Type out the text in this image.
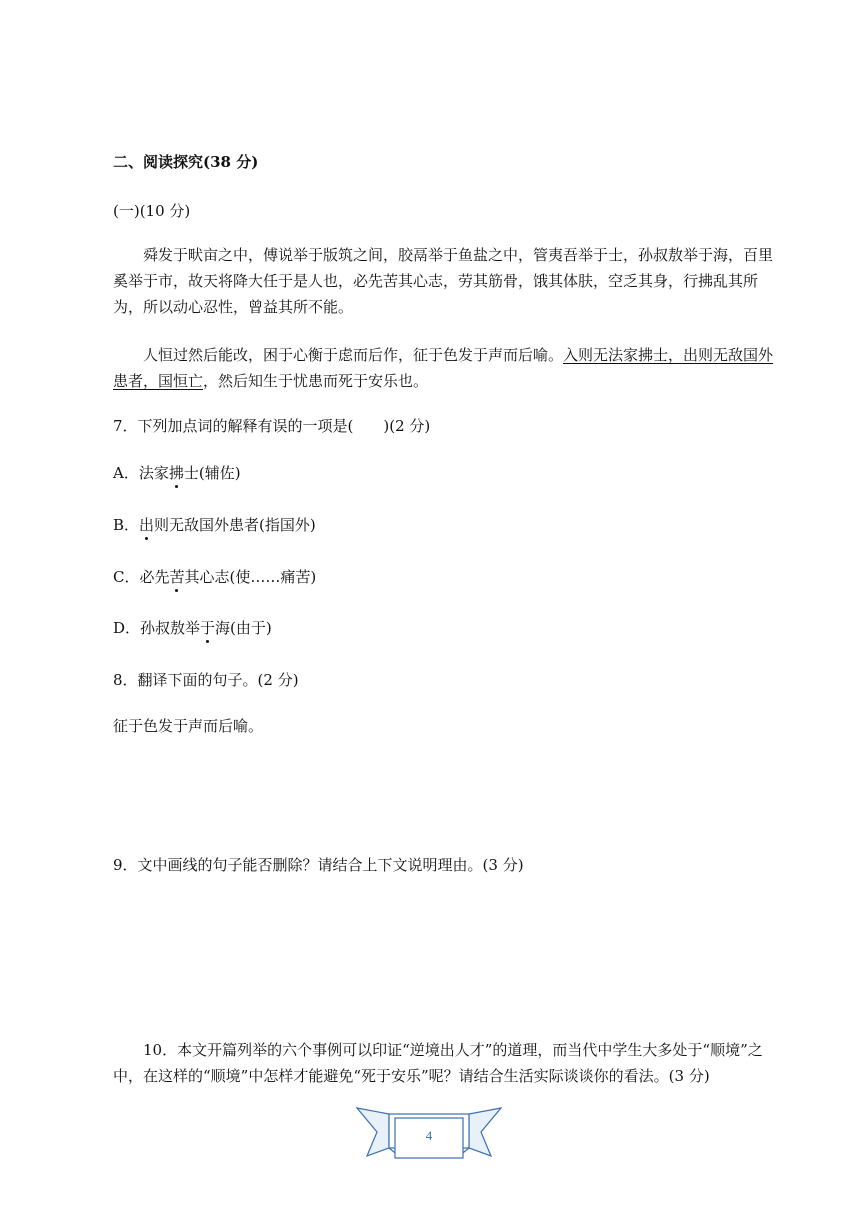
二、阅读探究(38 分)
(一)(10 分)
舜发于畎亩之中，傅说举于版筑之间，胶鬲举于鱼盐之中，管夷吾举于士，孙叔敖举于海，百里奚举于市，故天将降大任于是人也，必先苦其心志，劳其筋骨，饿其体肤，空乏其身，行拂乱其所为，所以动心忍性，曾益其所不能。
人恒过然后能改，困于心衡于虑而后作，征于色发于声而后喻。入则无法家拂士，出则无敌国外患者，国恒亡，然后知生于忧患而死于安乐也。
7．下列加点词的解释有误的一项是(　　)(2 分)
A．法家拂士(辅佐)
B．出则无敌国外患者(指国外)
C．必先苦其心志(使……痛苦)
D．孙叔敖举于海(由于)
8．翻译下面的句子。(2 分)
征于色发于声而后喻。
9．文中画线的句子能否删除？请结合上下文说明理由。(3 分)
10．本文开篇列举的六个事例可以印证“逆境出人才”的道理，而当代中学生大多处于“顺境”之中，在这样的“顺境”中怎样才能避免“死于安乐”呢？请结合生活实际谈谈你的看法。(3 分)
4
